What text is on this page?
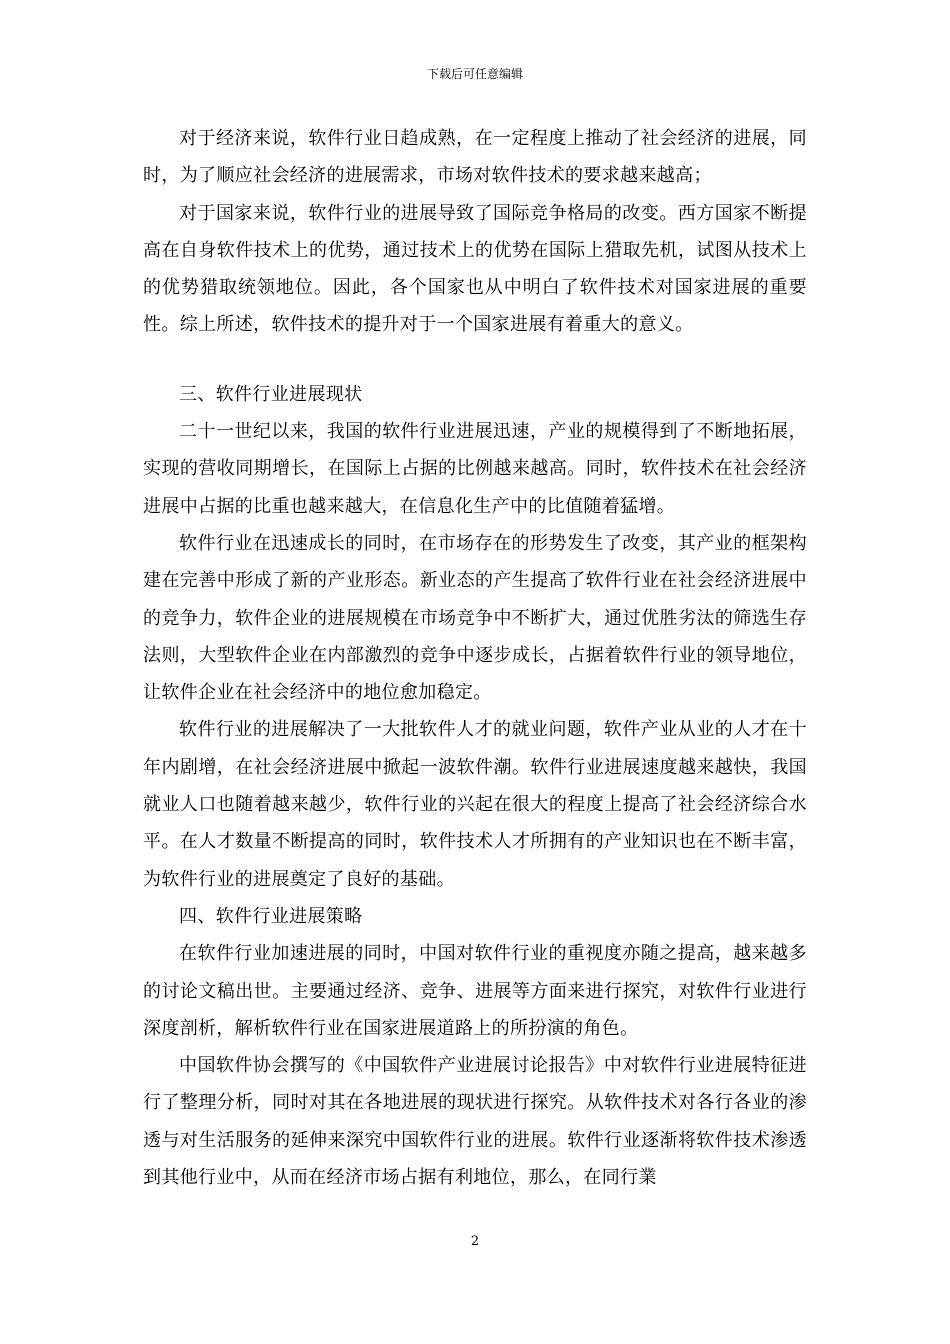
下载后可任意编辑

对于经济来说，软件行业日趋成熟，在一定程度上推动了社会经济的进展，同时，为了顺应社会经济的进展需求，市场对软件技术的要求越来越高；

对于国家来说，软件行业的进展导致了国际竞争格局的改变。西方国家不断提高在自身软件技术上的优势，通过技术上的优势在国际上猎取先机，试图从技术上的优势猎取统领地位。因此，各个国家也从中明白了软件技术对国家进展的重要性。综上所述，软件技术的提升对于一个国家进展有着重大的意义。

三、软件行业进展现状

二十一世纪以来，我国的软件行业进展迅速，产业的规模得到了不断地拓展，实现的营收同期增长，在国际上占据的比例越来越高。同时，软件技术在社会经济进展中占据的比重也越来越大，在信息化生产中的比值随着猛增。

软件行业在迅速成长的同时，在市场存在的形势发生了改变，其产业的框架构建在完善中形成了新的产业形态。新业态的产生提高了软件行业在社会经济进展中的竞争力，软件企业的进展规模在市场竞争中不断扩大，通过优胜劣汰的筛选生存法则，大型软件企业在内部激烈的竞争中逐步成长，占据着软件行业的领导地位，让软件企业在社会经济中的地位愈加稳定。

软件行业的进展解决了一大批软件人才的就业问题，软件产业从业的人才在十年内剧增，在社会经济进展中掀起一波软件潮。软件行业进展速度越来越快，我国就业人口也随着越来越少，软件行业的兴起在很大的程度上提高了社会经济综合水平。在人才数量不断提高的同时，软件技术人才所拥有的产业知识也在不断丰富，为软件行业的进展奠定了良好的基础。

四、软件行业进展策略

在软件行业加速进展的同时，中国对软件行业的重视度亦随之提高，越来越多的讨论文稿出世。主要通过经济、竞争、进展等方面来进行探究，对软件行业进行深度剖析，解析软件行业在国家进展道路上的所扮演的角色。

中国软件协会撰写的《中国软件产业进展讨论报告》中对软件行业进展特征进行了整理分析，同时对其在各地进展的现状进行探究。从软件技术对各行各业的渗透与对生活服务的延伸来深究中国软件行业的进展。软件行业逐渐将软件技术渗透到其他行业中，从而在经济市场占据有利地位，那么，在同行業

2
